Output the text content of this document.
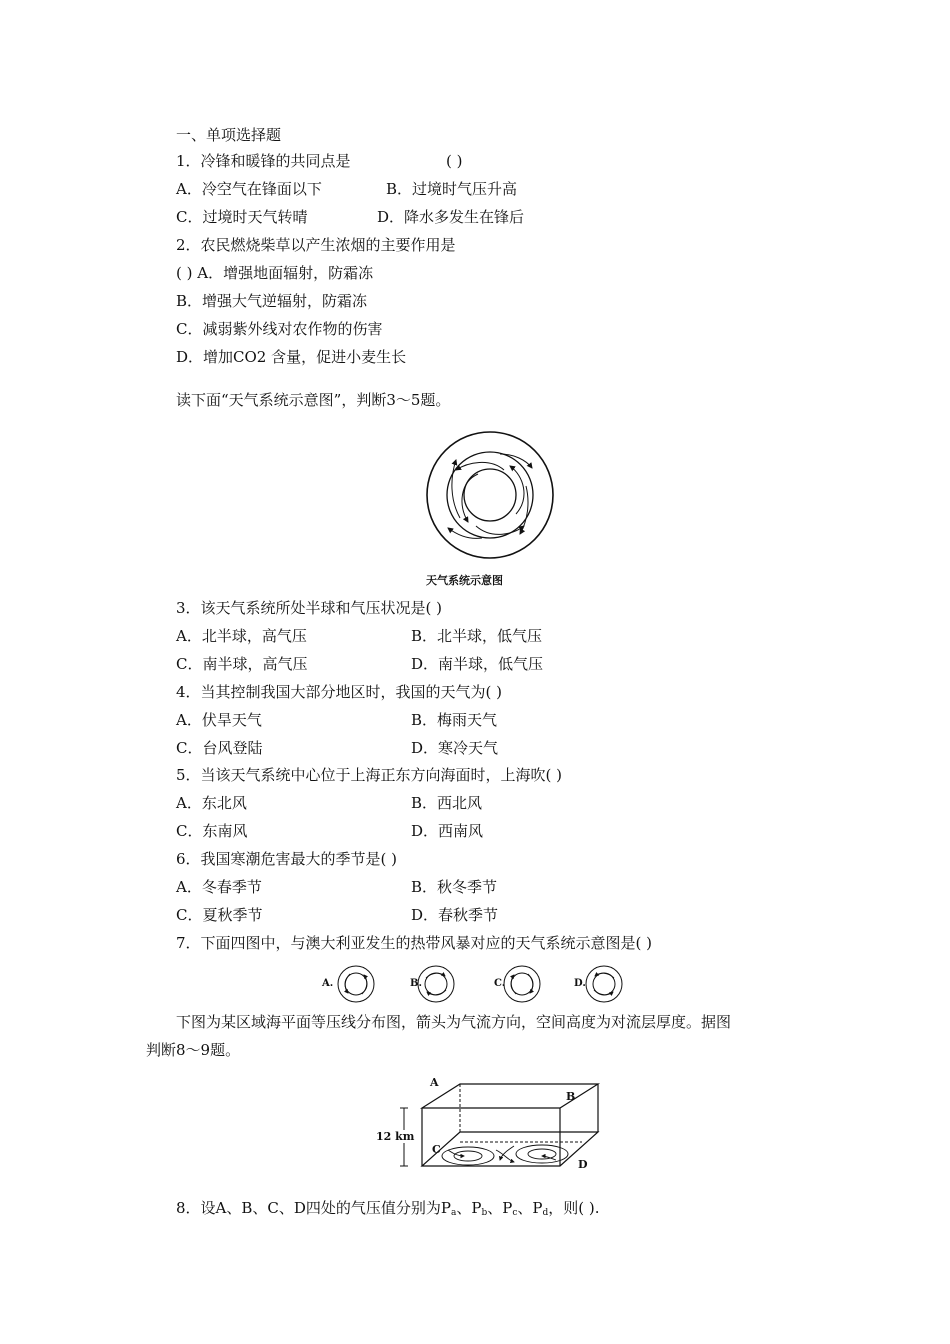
一、单项选择题
1．冷锋和暖锋的共同点是	( )
A．冷空气在锋面以下	B．过境时气压升高
C．过境时天气转晴	D．降水多发生在锋后
2．农民燃烧柴草以产生浓烟的主要作用是
( ) A．增强地面辐射，防霜冻
B．增强大气逆辐射，防霜冻
C．减弱紫外线对农作物的伤害
D．增加CO2 含量，促进小麦生长
读下面“天气系统示意图”，判断3～5题。
天气系统示意图
3．该天气系统所处半球和气压状况是( )
A．北半球，高气压	B．北半球，低气压
C．南半球，高气压	D．南半球，低气压
4．当其控制我国大部分地区时，我国的天气为( )
A．伏旱天气	B．梅雨天气
C．台风登陆	D．寒冷天气
5．当该天气系统中心位于上海正东方向海面时，上海吹( )
A．东北风	B．西北风
C．东南风	D．西南风
6．我国寒潮危害最大的季节是( )
A．冬春季节	B．秋冬季节
C．夏秋季节	D．春秋季节
7．下面四图中，与澳大利亚发生的热带风暴对应的天气系统示意图是( )
A.	B.	C.	D.
下图为某区域海平面等压线分布图，箭头为气流方向，空间高度为对流层厚度。据图
判断8～9题。
A
B
C
D
12 km
8．设A、B、C、D四处的气压值分别为$P_a$、$P_b$、$P_c$、$P_d$，则( ).
